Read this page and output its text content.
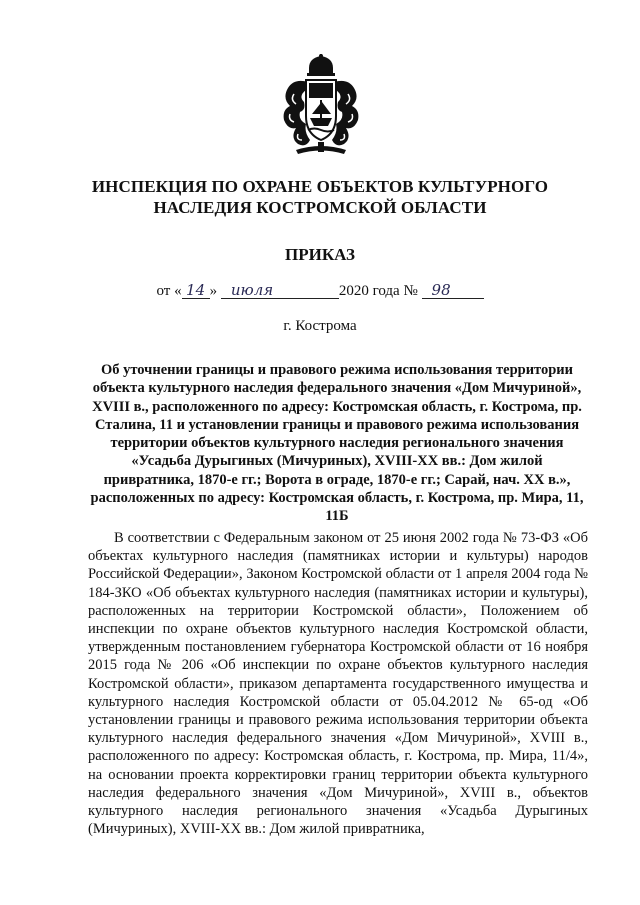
ИНСПЕКЦИЯ ПО ОХРАНЕ ОБЪЕКТОВ КУЛЬТУРНОГО НАСЛЕДИЯ КОСТРОМСКОЙ ОБЛАСТИ
ПРИКАЗ
от « 14 » июля	2020 года № 98
г. Кострома
Об уточнении границы и правового режима использования территории объекта культурного наследия федерального значения «Дом Мичуриной», XVIII в., расположенного по адресу: Костромская область, г. Кострома, пр. Сталина, 11 и установлении границы и правового режима использования территории объектов культурного наследия регионального значения «Усадьба Дурыгиных (Мичуриных), XVIII-XX вв.: Дом жилой привратника, 1870-е гг.; Ворота в ограде, 1870-е гг.; Сарай, нач. XX в.», расположенных по адресу: Костромская область, г. Кострома, пр. Мира, 11, 11Б
В соответствии с Федеральным законом от 25 июня 2002 года № 73-ФЗ «Об объектах культурного наследия (памятниках истории и культуры) народов Российской Федерации», Законом Костромской области от 1 апреля 2004 года № 184-ЗКО «Об объектах культурного наследия (памятниках истории и культуры), расположенных на территории Костромской области», Положением об инспекции по охране объектов культурного наследия Костромской области, утвержденным постановлением губернатора Костромской области от 16 ноября 2015 года № 206 «Об инспекции по охране объектов культурного наследия Костромской области», приказом департамента государственного имущества и культурного наследия Костромской области от 05.04.2012 № 65-од «Об установлении границы и правового режима использования территории объекта культурного наследия федерального значения «Дом Мичуриной», XVIII в., расположенного по адресу: Костромская область, г. Кострома, пр. Мира, 11/4», на основании проекта корректировки границ территории объекта культурного наследия федерального значения «Дом Мичуриной», XVIII в., объектов культурного наследия регионального значения «Усадьба Дурыгиных (Мичуриных), XVIII-XX вв.: Дом жилой привратника,
